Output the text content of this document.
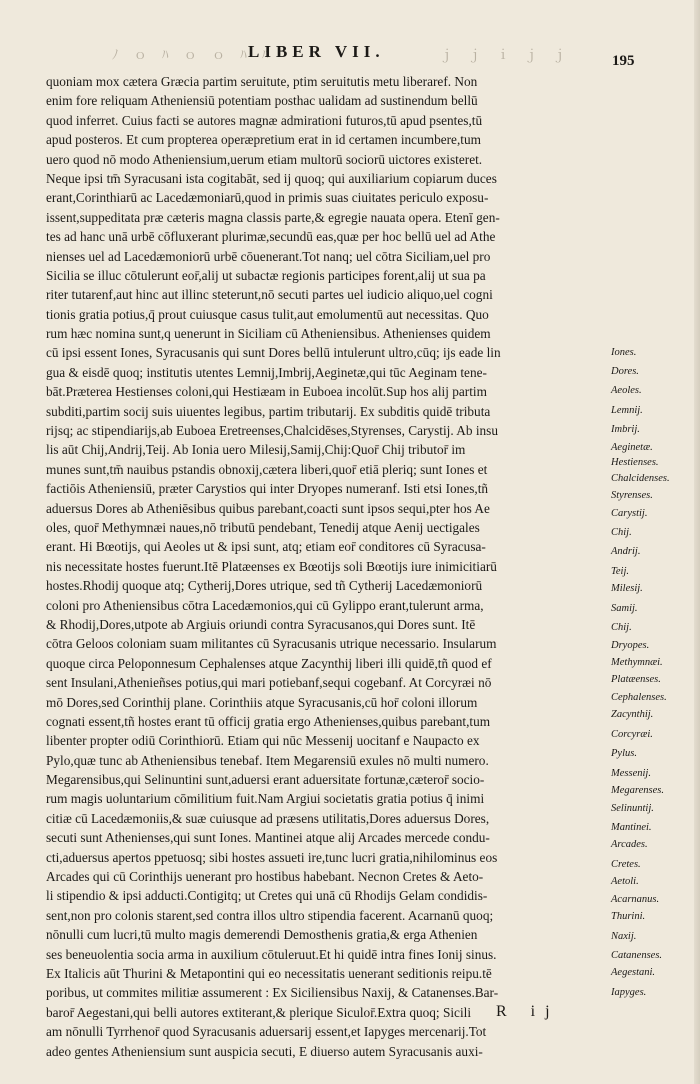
ﾉ ｏ ﾊ ｏ ｏ ﾊ ﾊ
LIBER VII.	ｊ ｊ ｉ ｊ ｊ	195
quoniam mox cætera Græcia partim seruitute, ptim seruitutis metu liberaref. Non
enim fore reliquam Atheniensiū potentiam posthac ualidam ad sustinendum bellū
quod inferret. Cuius facti se autores magnæ admirationi futuros,tū apud psentes,tū
apud posteros. Et cum propterea operæpretium erat in id certamen incumbere,tum
uero quod nō modo Atheniensium,uerum etiam multorū sociorū uictores existeret.
Neque ipsi tm̄ Syracusani ista cogitabāt, sed ij quoq; qui auxiliarium copiarum duces
erant,Corinthiarū ac Lacedæmoniarū,quod in primis suas ciuitates periculo exposu-
issent,suppeditata præ cæteris magna classis parte,& egregie nauata opera. Etenī gen-
tes ad hanc unā urbē cōfluxerant plurimæ,secundū eas,quæ per hoc bellū uel ad Athe
nienses uel ad Lacedæmoniorū urbē cōuenerant.Tot nanq; uel cōtra Siciliam,uel pro
Sicilia se illuc cōtulerunt eor̄,alij ut subactæ regionis participes forent,alij ut sua pa
riter tutarenf,aut hinc aut illinc steterunt,nō secuti partes uel iudicio aliquo,uel cogni
tionis gratia potius,q̄ prout cuiusque casus tulit,aut emolumentū aut necessitas. Quo
rum hæc nomina sunt,q uenerunt in Siciliam cū Atheniensibus. Athenienses quidem
cū ipsi essent Iones, Syracusanis qui sunt Dores bellū intulerunt ultro,cūq; ijs eade lin
gua & eisdē quoq; institutis utentes Lemnij,Imbrij,Aeginetæ,qui tūc Aeginam tene-
bāt.Præterea Hestienses coloni,qui Hestiæam in Euboea incolūt.Sup hos alij partim
subditi,partim socij suis uiuentes legibus, partim tributarij. Ex subditis quidē tributa
rijsq; ac stipendiarijs,ab Euboea Eretreenses,Chalcidēses,Styrenses, Carystij. Ab insu
lis aūt Chij,Andrij,Teij. Ab Ionia uero Milesij,Samij,Chij:Quor̄ Chij tributor̄ im
munes sunt,tm̄ nauibus pstandis obnoxij,cætera liberi,quor̄ etiā pleriq; sunt Iones et
factiōis Atheniensiū, præter Carystios qui inter Dryopes numeranf. Isti etsi Iones,tñ
aduersus Dores ab Atheniēsibus quibus parebant,coacti sunt ipsos sequi,pter hos Ae
oles, quor̄ Methymnæi naues,nō tributū pendebant, Tenedij atque Aenij uectigales
erant. Hi Bœotijs, qui Aeoles ut & ipsi sunt, atq; etiam eor̄ conditores cū Syracusa-
nis necessitate hostes fuerunt.Itē Platæenses ex Bœotijs soli Bœotijs iure inimicitiarū
hostes.Rhodij quoque atq; Cytherij,Dores utrique, sed tñ Cytherij Lacedæmoniorū
coloni pro Atheniensibus cōtra Lacedæmonios,qui cū Gylippo erant,tulerunt arma,
& Rhodij,Dores,utpote ab Argiuis oriundi contra Syracusanos,qui Dores sunt. Itē
cōtra Geloos coloniam suam militantes cū Syracusanis utrique necessario. Insularum
quoque circa Peloponnesum Cephalenses atque Zacynthij liberi illi quidē,tñ quod ef
sent Insulani,Athenieñses potius,qui mari potiebanf,sequi cogebanf. At Corcyræi nō
mō Dores,sed Corinthij plane. Corinthiis atque Syracusanis,cū hor̄ coloni illorum
cognati essent,tñ hostes erant tū officij gratia ergo Athenienses,quibus parebant,tum
libenter propter odiū Corinthiorū. Etiam qui nūc Messenij uocitanf e Naupacto ex
Pylo,quæ tunc ab Atheniensibus tenebaf. Item Megarensiū exules nō multi numero.
Megarensibus,qui Selinuntini sunt,aduersi erant aduersitate fortunæ,cæteror̄ socio-
rum magis uoluntarium cōmilitium fuit.Nam Argiui societatis gratia potius q̄ inimi
citiæ cū Lacedæmoniis,& suæ cuiusque ad præsens utilitatis,Dores aduersus Dores,
secuti sunt Athenienses,qui sunt Iones. Mantinei atque alij Arcades mercede condu-
cti,aduersus apertos ppetuosq; sibi hostes assueti ire,tunc lucri gratia,nihilominus eos
Arcades qui cū Corinthijs uenerant pro hostibus habebant. Necnon Cretes & Aeto-
li stipendio & ipsi adducti.Contigitq; ut Cretes qui unā cū Rhodijs Gelam condidis-
sent,non pro colonis starent,sed contra illos ultro stipendia facerent. Acarnanū quoq;
nōnulli cum lucri,tū multo magis demerendi Demosthenis gratia,& erga Athenien
ses beneuolentia socia arma in auxilium cōtuleruut.Et hi quidē intra fines Ionij sinus.
Ex Italicis aūt Thurini & Metapontini qui eo necessitatis uenerant seditionis reipu.tē
poribus, ut commites militiæ assumerent : Ex Siciliensibus Naxij, & Catanenses.Bar-
baror̄ Aegestani,qui belli autores extiterant,& plerique Siculor̄.Extra quoq; Sicili
am nōnulli Tyrrhenor̄ quod Syracusanis aduersarij essent,et Iapyges mercenarij.Tot
adeo gentes Atheniensium sunt auspicia secuti, E diuerso autem Syracusanis auxi-
Iones.
Dores.
Aeoles.
Lemnij.
Imbrij.
Aeginetæ.
Hestienses.
Chalcidenses.
Styrenses.
Carystij.
Chij.
Andrij.
Teij.
Milesij.
Samij.
Chij.
Dryopes.
Methymnæi.
Platæenses.
Cephalenses.
Zacynthij.
Corcyræi.
Pylus.
Messenij.
Megarenses.
Selinuntij.
Mantinei.
Arcades.
Cretes.
Aetoli.
Acarnanus.
Thurini.
Naxij.
Catanenses.
Aegestani.
Iapyges.
R ij
